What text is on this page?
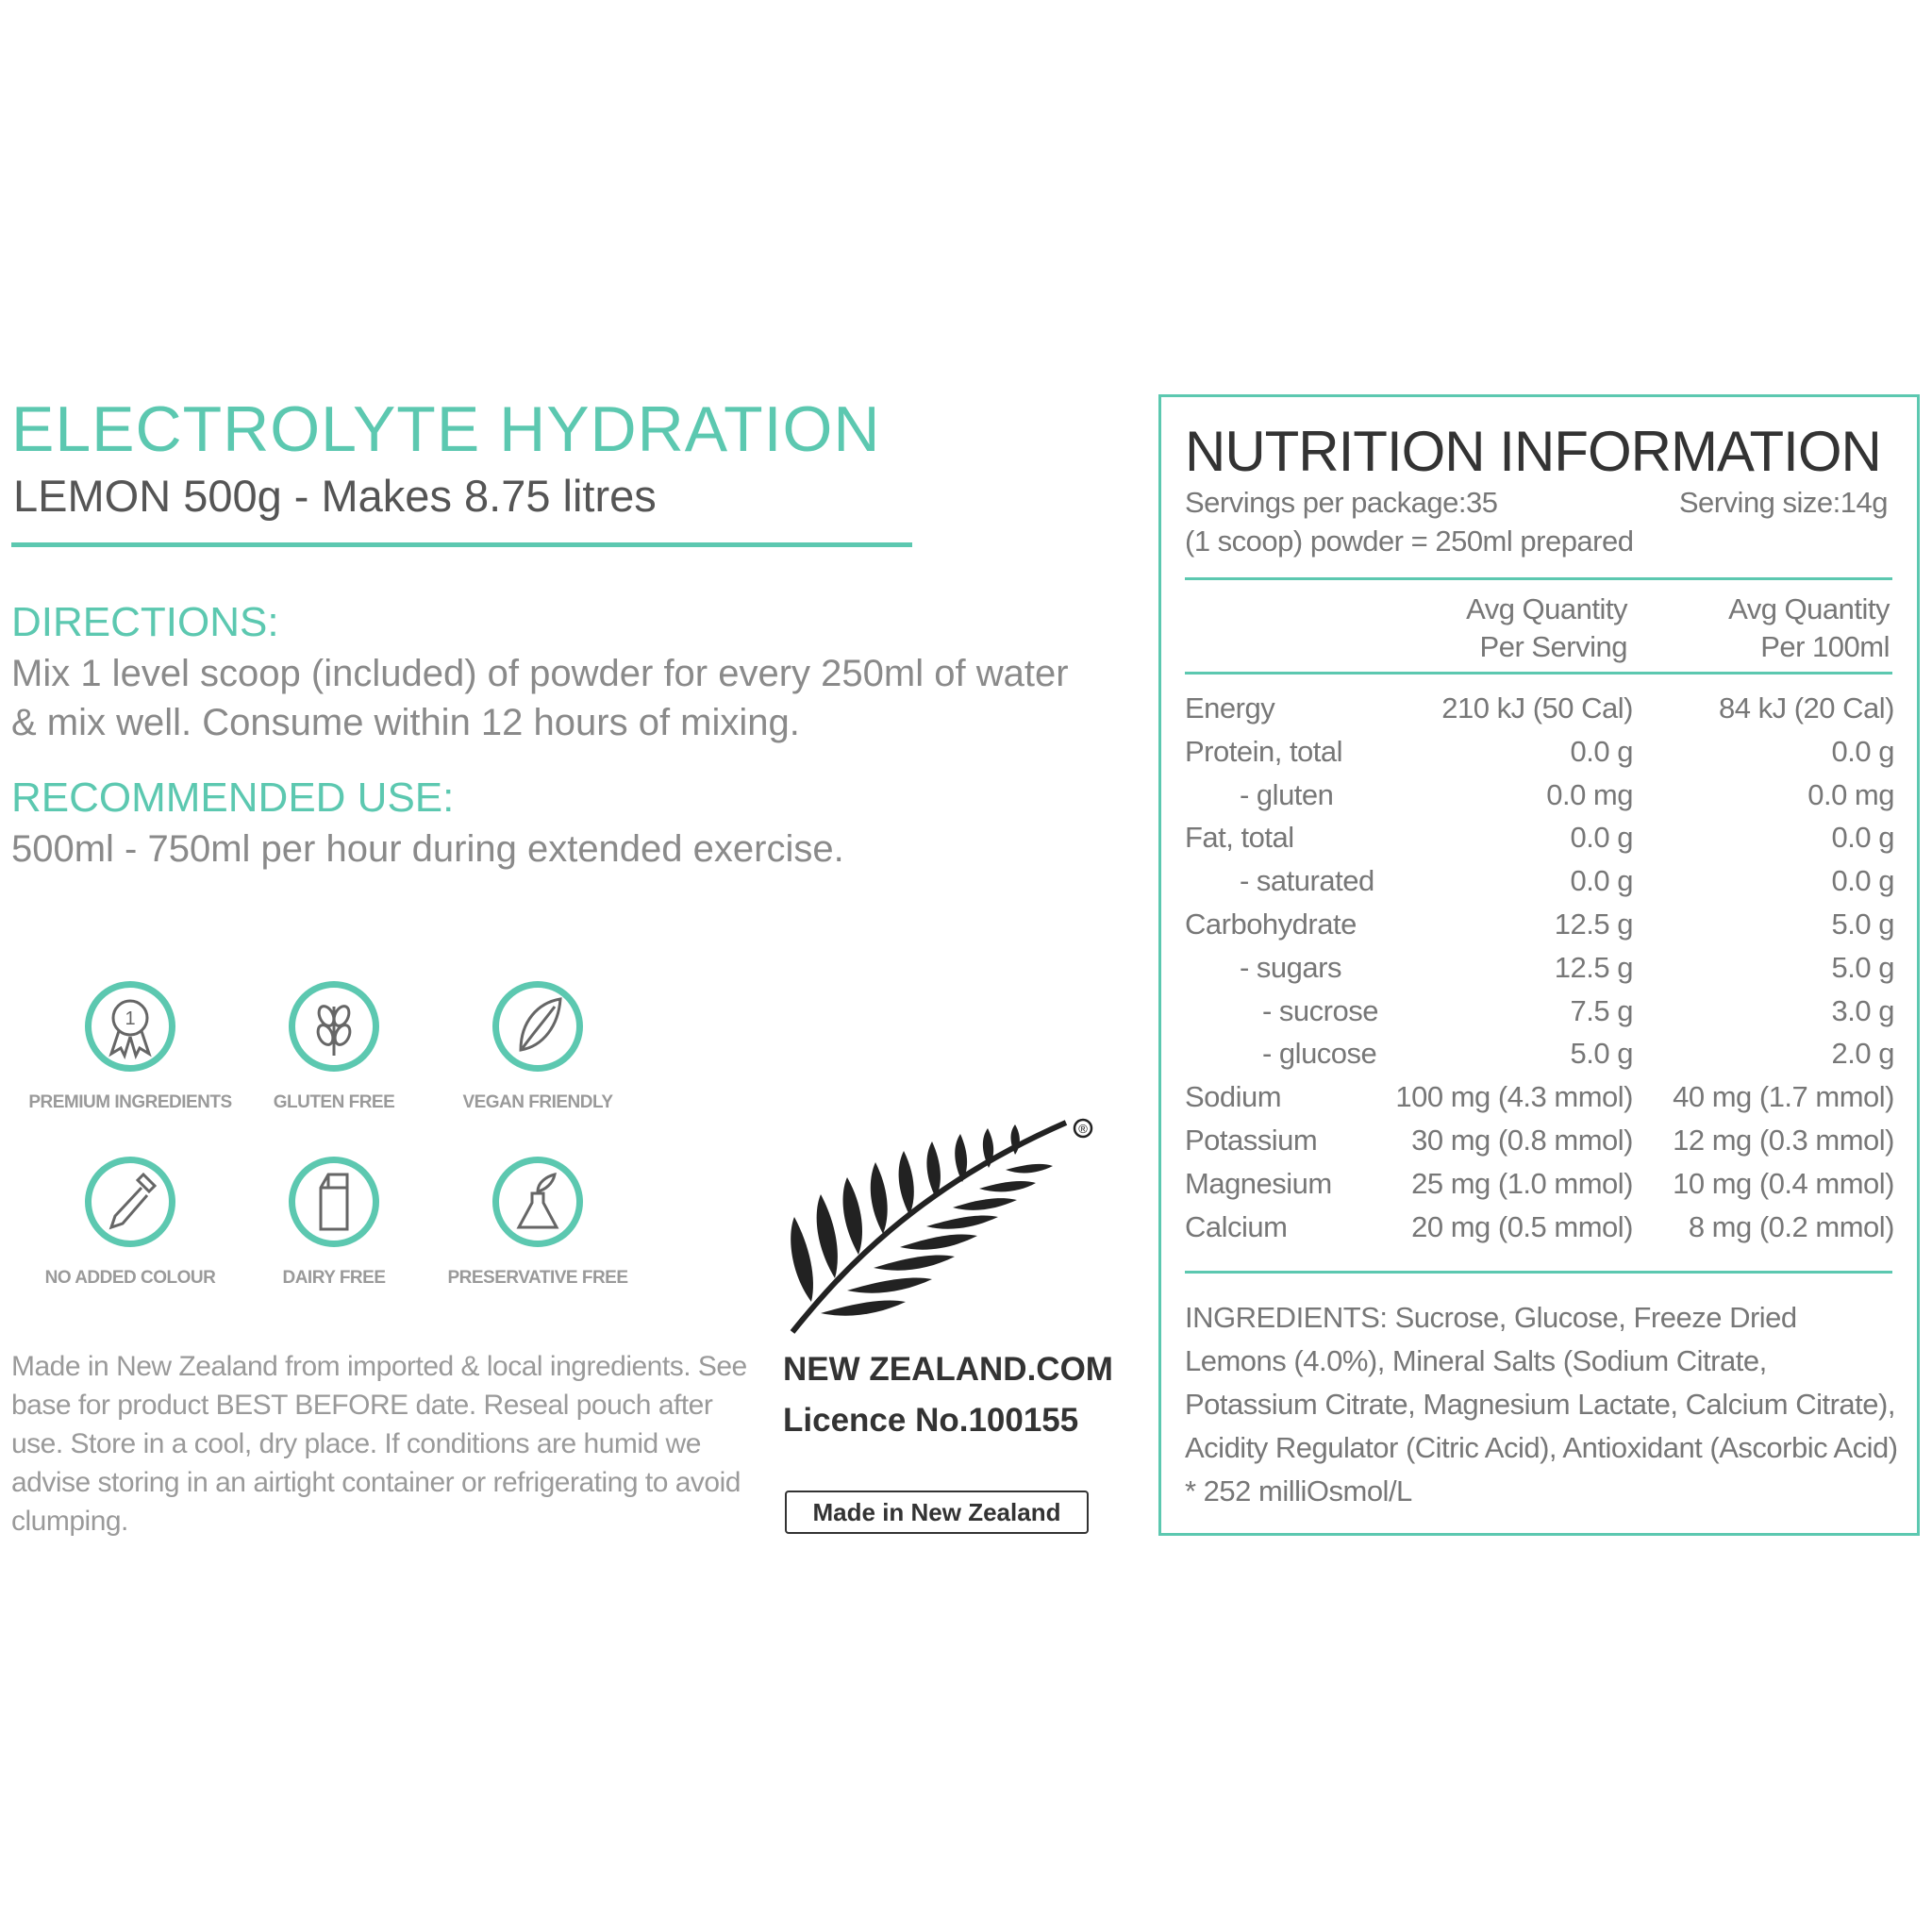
ELECTROLYTE HYDRATION
LEMON 500g - Makes 8.75 litres
DIRECTIONS:
Mix 1 level scoop (included) of powder for every 250ml of water & mix well. Consume within 12 hours of mixing.
RECOMMENDED USE:
500ml - 750ml per hour during extended exercise.
1
PREMIUM INGREDIENTS	GLUTEN FREE	VEGAN FRIENDLY
NO ADDED COLOUR	DAIRY FREE	PRESERVATIVE FREE
Made in New Zealand from imported & local ingredients. See base for product BEST BEFORE date. Reseal pouch after use. Store in a cool, dry place. If conditions are humid we advise storing in an airtight container or refrigerating to avoid clumping.
®
NEW ZEALAND.COM
Licence No.100155
Made in New Zealand
NUTRITION INFORMATION
Servings per package:35	Serving size:14g
(1 scoop) powder = 250ml prepared
Avg Quantity
Per Serving
Avg Quantity
Per 100ml
Energy	210 kJ (50 Cal)	84 kJ (20 Cal)
Protein, total	0.0 g	0.0 g
- gluten	0.0 mg	0.0 mg
Fat, total	0.0 g	0.0 g
- saturated	0.0 g	0.0 g
Carbohydrate	12.5 g	5.0 g
- sugars	12.5 g	5.0 g
- sucrose	7.5 g	3.0 g
- glucose	5.0 g	2.0 g
Sodium	100 mg (4.3 mmol) 40 mg (1.7 mmol)
Potassium	30 mg (0.8 mmol) 12 mg (0.3 mmol)
Magnesium	25 mg (1.0 mmol) 10 mg (0.4 mmol)
Calcium	20 mg (0.5 mmol) 8 mg (0.2 mmol)
INGREDIENTS: Sucrose, Glucose, Freeze Dried Lemons (4.0%), Mineral Salts (Sodium Citrate, Potassium Citrate, Magnesium Lactate, Calcium Citrate), Acidity Regulator (Citric Acid), Antioxidant (Ascorbic Acid) * 252 milliOsmol/L
